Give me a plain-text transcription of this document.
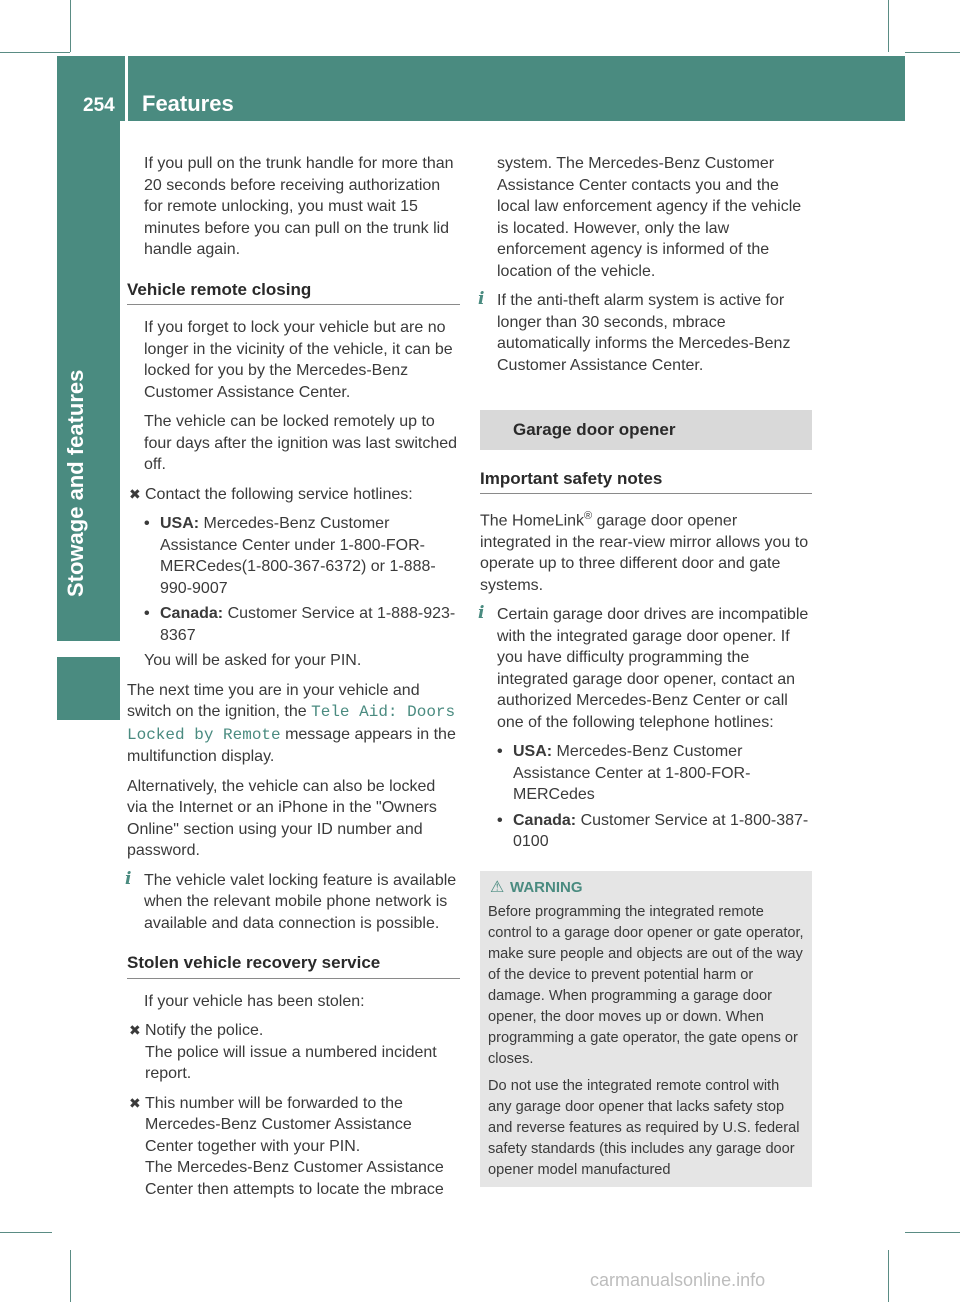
254 Features
Stowage and features

If you pull on the trunk handle for more than 20 seconds before receiving authorization for remote unlocking, you must wait 15 minutes before you can pull on the trunk lid handle again.

Vehicle remote closing

If you forget to lock your vehicle but are no longer in the vicinity of the vehicle, it can be locked for you by the Mercedes-Benz Customer Assistance Center.

The vehicle can be locked remotely up to four days after the ignition was last switched off.

✖ Contact the following service hotlines:
• USA: Mercedes-Benz Customer Assistance Center under 1-800-FOR-MERCedes(1-800-367-6372) or 1-888-990-9007
• Canada: Customer Service at 1-888-923-8367

You will be asked for your PIN.

The next time you are in your vehicle and switch on the ignition, the Tele Aid: Doors Locked by Remote message appears in the multifunction display.

Alternatively, the vehicle can also be locked via the Internet or an iPhone in the "Owners Online" section using your ID number and password.

i The vehicle valet locking feature is available when the relevant mobile phone network is available and data connection is possible.
Stolen vehicle recovery service

If your vehicle has been stolen:

✖ Notify the police.
The police will issue a numbered incident report.
✖ This number will be forwarded to the Mercedes-Benz Customer Assistance Center together with your PIN.
The Mercedes-Benz Customer Assistance Center then attempts to locate the mbrace

system. The Mercedes-Benz Customer Assistance Center contacts you and the local law enforcement agency if the vehicle is located. However, only the law enforcement agency is informed of the location of the vehicle.

i If the anti-theft alarm system is active for longer than 30 seconds, mbrace automatically informs the Mercedes-Benz Customer Assistance Center.
Garage door opener
Important safety notes

The HomeLink® garage door opener integrated in the rear-view mirror allows you to operate up to three different door and gate systems.

i Certain garage door drives are incompatible with the integrated garage door opener. If you have difficulty programming the integrated garage door opener, contact an authorized Mercedes-Benz Center or call one of the following telephone hotlines:
• USA: Mercedes-Benz Customer Assistance Center at 1-800-FOR-MERCedes
• Canada: Customer Service at 1-800-387-0100
⚠ WARNING

Before programming the integrated remote control to a garage door opener or gate operator, make sure people and objects are out of the way of the device to prevent potential harm or damage. When programming a garage door opener, the door moves up or down. When programming a gate operator, the gate opens or closes.

Do not use the integrated remote control with any garage door opener that lacks safety stop and reverse features as required by U.S. federal safety standards (this includes any garage door opener model manufactured

carmanualsonline.info
